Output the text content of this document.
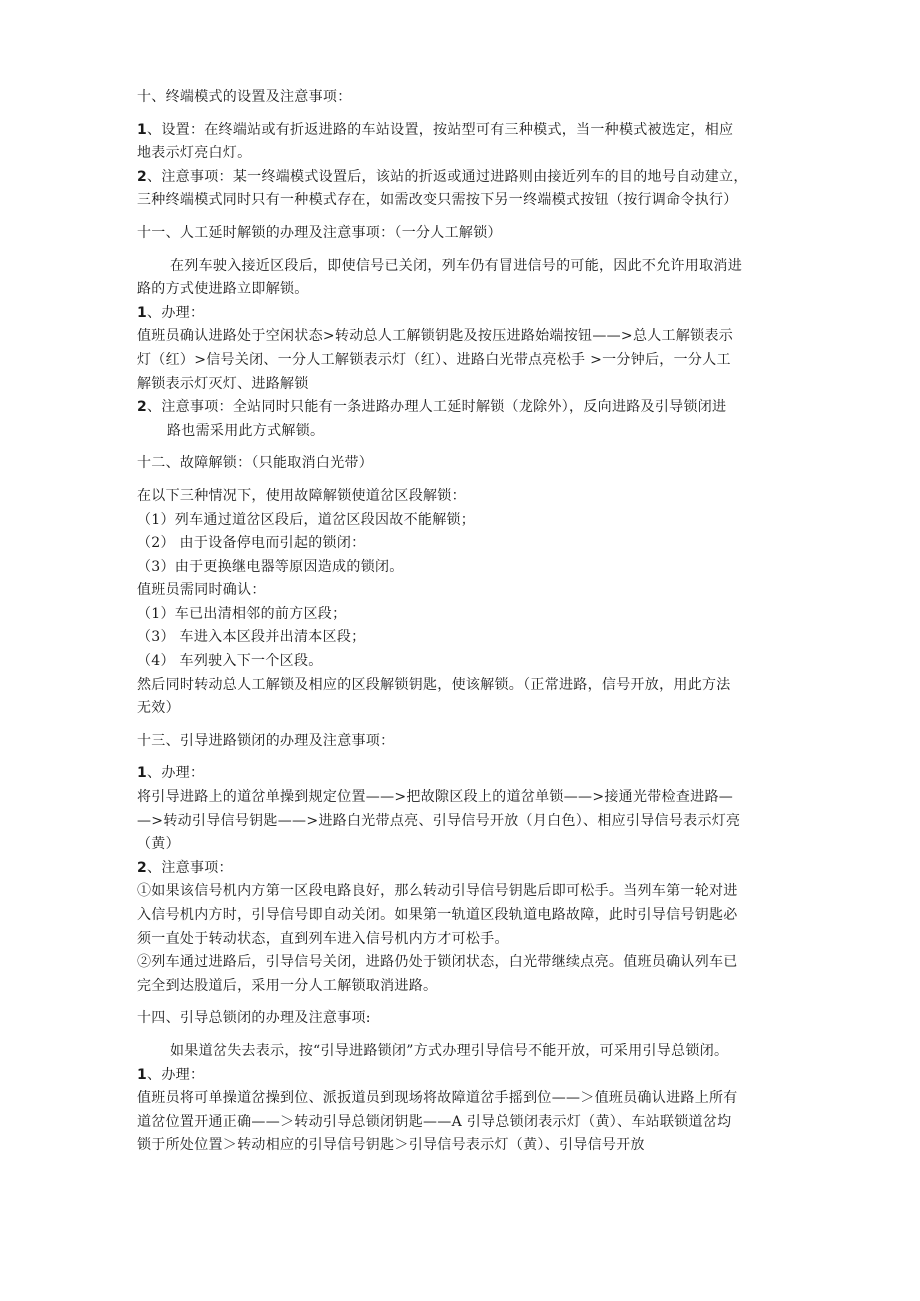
十、终端模式的设置及注意事项：
1、设置：在终端站或有折返进路的车站设置，按站型可有三种模式，当一种模式被选定，相应
地表示灯亮白灯。
2、注意事项：某一终端模式设置后，该站的折返或通过进路则由接近列车的目的地号自动建立，
三种终端模式同时只有一种模式存在，如需改变只需按下另一终端模式按钮（按行调命令执行）
十一、人工延时解锁的办理及注意事项：（一分人工解锁）
在列车驶入接近区段后，即使信号已关闭，列车仍有冒进信号的可能，因此不允许用取消进
路的方式使进路立即解锁。
1、办理：
值班员确认进路处于空闲状态>转动总人工解锁钥匙及按压进路始端按钮——>总人工解锁表示
灯（红）>信号关闭、一分人工解锁表示灯（红）、进路白光带点亮松手 >一分钟后，一分人工
解锁表示灯灭灯、进路解锁
2、注意事项：全站同时只能有一条进路办理人工延时解锁（龙除外），反向进路及引导锁闭进
路也需采用此方式解锁。
十二、故障解锁：（只能取消白光带）
在以下三种情况下，使用故障解锁使道岔区段解锁：
（1）列车通过道岔区段后，道岔区段因故不能解锁；
（2） 由于设备停电而引起的锁闭：
（3）由于更换继电器等原因造成的锁闭。
值班员需同时确认：
（1）车已出清相邻的前方区段；
（3） 车进入本区段并出清本区段；
（4） 车列驶入下一个区段。
然后同时转动总人工解锁及相应的区段解锁钥匙，使该解锁。（正常进路，信号开放，用此方法
无效）
十三、引导进路锁闭的办理及注意事项：
1、办理：
将引导进路上的道岔单操到规定位置——>把故隙区段上的道岔单锁——>接通光带检查进路—
—>转动引导信号钥匙——>进路白光带点亮、引导信号开放（月白色）、相应引导信号表示灯亮
（黄）
2、注意事项：
①如果该信号机内方第一区段电路良好，那么转动引导信号钥匙后即可松手。当列车第一轮对进
入信号机内方时，引导信号即自动关闭。如果第一轨道区段轨道电路故障，此时引导信号钥匙必
须一直处于转动状态，直到列车进入信号机内方才可松手。
②列车通过进路后，引导信号关闭，进路仍处于锁闭状态，白光带继续点亮。值班员确认列车已
完全到达股道后，采用一分人工解锁取消进路。
十四、引导总锁闭的办理及注意事项:
如果道岔失去表示，按“引导进路锁闭”方式办理引导信号不能开放，可采用引导总锁闭。
1、办理：
值班员将可单操道岔操到位、派扳道员到现场将故障道岔手摇到位——＞值班员确认进路上所有
道岔位置开通正确——＞转动引导总锁闭钥匙——A 引导总锁闭表示灯（黄）、车站联锁道岔均
锁于所处位置＞转动相应的引导信号钥匙＞引导信号表示灯（黄）、引导信号开放
